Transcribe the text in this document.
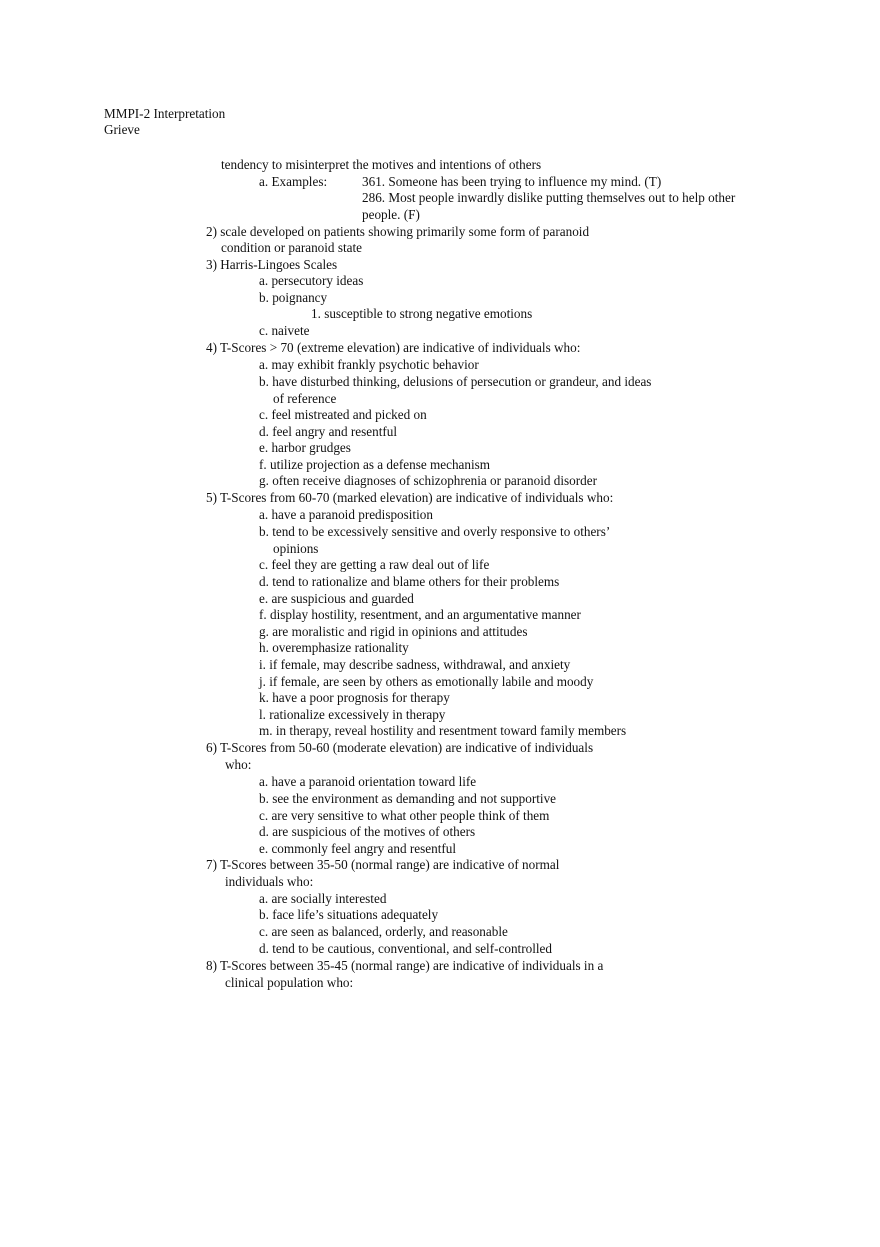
MMPI-2 Interpretation
Grieve
tendency to misinterpret the motives and intentions of others
a. Examples:	361. Someone has been trying to influence my mind. (T)
286. Most people inwardly dislike putting themselves out to help other
people. (F)
2) scale developed on patients showing primarily some form of paranoid
condition or paranoid state
3) Harris-Lingoes Scales
a. persecutory ideas
b. poignancy
1. susceptible to strong negative emotions
c. naivete
4) T-Scores > 70 (extreme elevation) are indicative of individuals who:
a. may exhibit frankly psychotic behavior
b. have disturbed thinking, delusions of persecution or grandeur, and ideas
of reference
c. feel mistreated and picked on
d. feel angry and resentful
e. harbor grudges
f. utilize projection as a defense mechanism
g. often receive diagnoses of schizophrenia or paranoid disorder
5) T-Scores from 60-70 (marked elevation) are indicative of individuals who:
a. have a paranoid predisposition
b. tend to be excessively sensitive and overly responsive to others’
opinions
c. feel they are getting a raw deal out of life
d. tend to rationalize and blame others for their problems
e. are suspicious and guarded
f. display hostility, resentment, and an argumentative manner
g. are moralistic and rigid in opinions and attitudes
h. overemphasize rationality
i. if female, may describe sadness, withdrawal, and anxiety
j. if female, are seen by others as emotionally labile and moody
k. have a poor prognosis for therapy
l. rationalize excessively in therapy
m. in therapy, reveal hostility and resentment toward family members
6) T-Scores from 50-60 (moderate elevation) are indicative of individuals
who:
a. have a paranoid orientation toward life
b. see the environment as demanding and not supportive
c. are very sensitive to what other people think of them
d. are suspicious of the motives of others
e. commonly feel angry and resentful
7) T-Scores between 35-50 (normal range) are indicative of normal
individuals who:
a. are socially interested
b. face life’s situations adequately
c. are seen as balanced, orderly, and reasonable
d. tend to be cautious, conventional, and self-controlled
8) T-Scores between 35-45 (normal range) are indicative of individuals in a
clinical population who:
